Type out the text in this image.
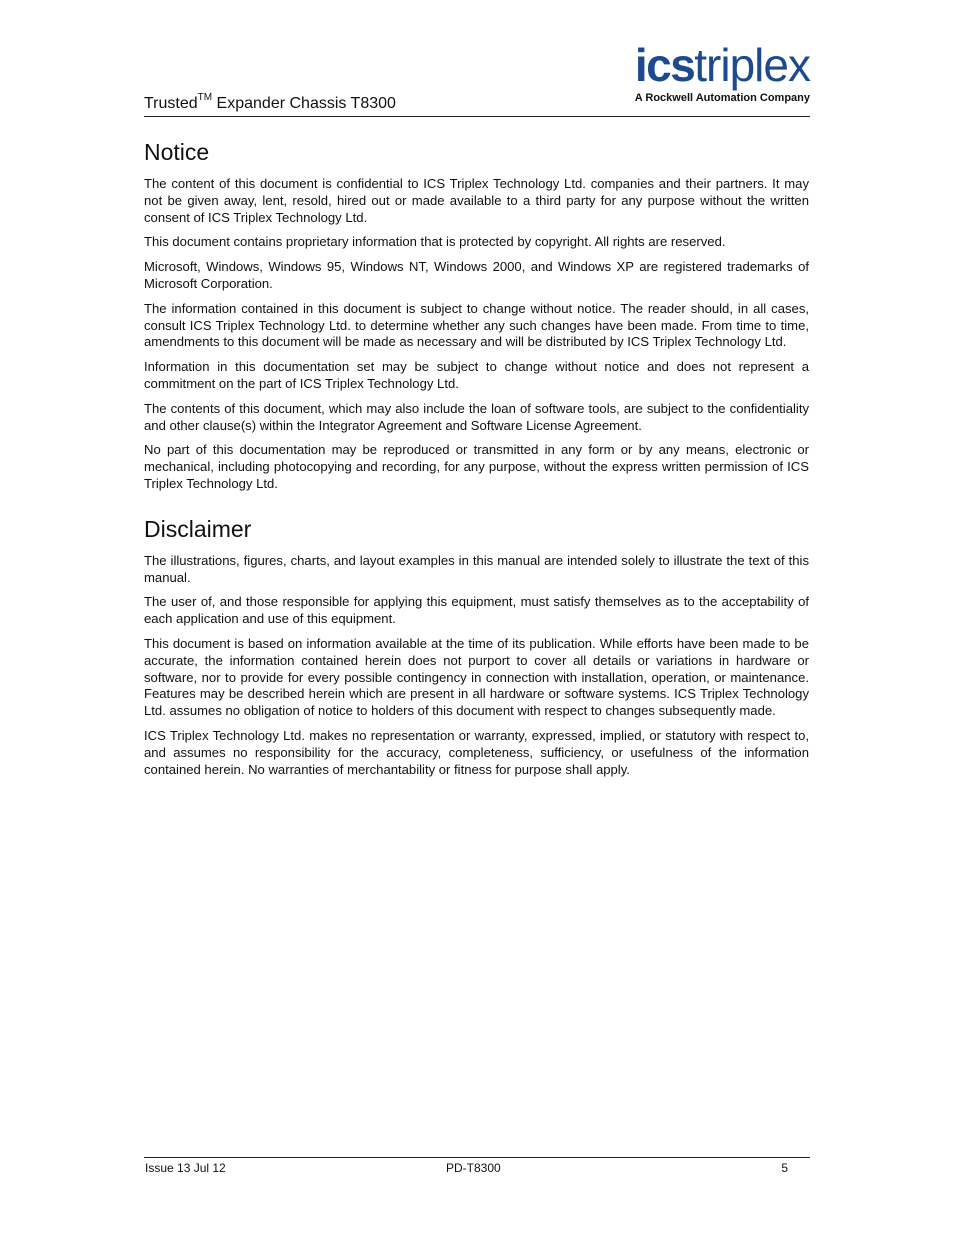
Trusted™ Expander Chassis T8300
icstriplex
A Rockwell Automation Company
Notice

The content of this document is confidential to ICS Triplex Technology Ltd. companies and their partners. It may not be given away, lent, resold, hired out or made available to a third party for any purpose without the written consent of ICS Triplex Technology Ltd.

This document contains proprietary information that is protected by copyright. All rights are reserved.

Microsoft, Windows, Windows 95, Windows NT, Windows 2000, and Windows XP are registered trademarks of Microsoft Corporation.

The information contained in this document is subject to change without notice. The reader should, in all cases, consult ICS Triplex Technology Ltd. to determine whether any such changes have been made. From time to time, amendments to this document will be made as necessary and will be distributed by ICS Triplex Technology Ltd.

Information in this documentation set may be subject to change without notice and does not represent a commitment on the part of ICS Triplex Technology Ltd.

The contents of this document, which may also include the loan of software tools, are subject to the confidentiality and other clause(s) within the Integrator Agreement and Software License Agreement.

No part of this documentation may be reproduced or transmitted in any form or by any means, electronic or mechanical, including photocopying and recording, for any purpose, without the express written permission of ICS Triplex Technology Ltd.

Disclaimer

The illustrations, figures, charts, and layout examples in this manual are intended solely to illustrate the text of this manual.

The user of, and those responsible for applying this equipment, must satisfy themselves as to the acceptability of each application and use of this equipment.

This document is based on information available at the time of its publication. While efforts have been made to be accurate, the information contained herein does not purport to cover all details or variations in hardware or software, nor to provide for every possible contingency in connection with installation, operation, or maintenance. Features may be described herein which are present in all hardware or software systems. ICS Triplex Technology Ltd. assumes no obligation of notice to holders of this document with respect to changes subsequently made.

ICS Triplex Technology Ltd. makes no representation or warranty, expressed, implied, or statutory with respect to, and assumes no responsibility for the accuracy, completeness, sufficiency, or usefulness of the information contained herein. No warranties of merchantability or fitness for purpose shall apply.

Issue 13 Jul 12	PD-T8300	5
